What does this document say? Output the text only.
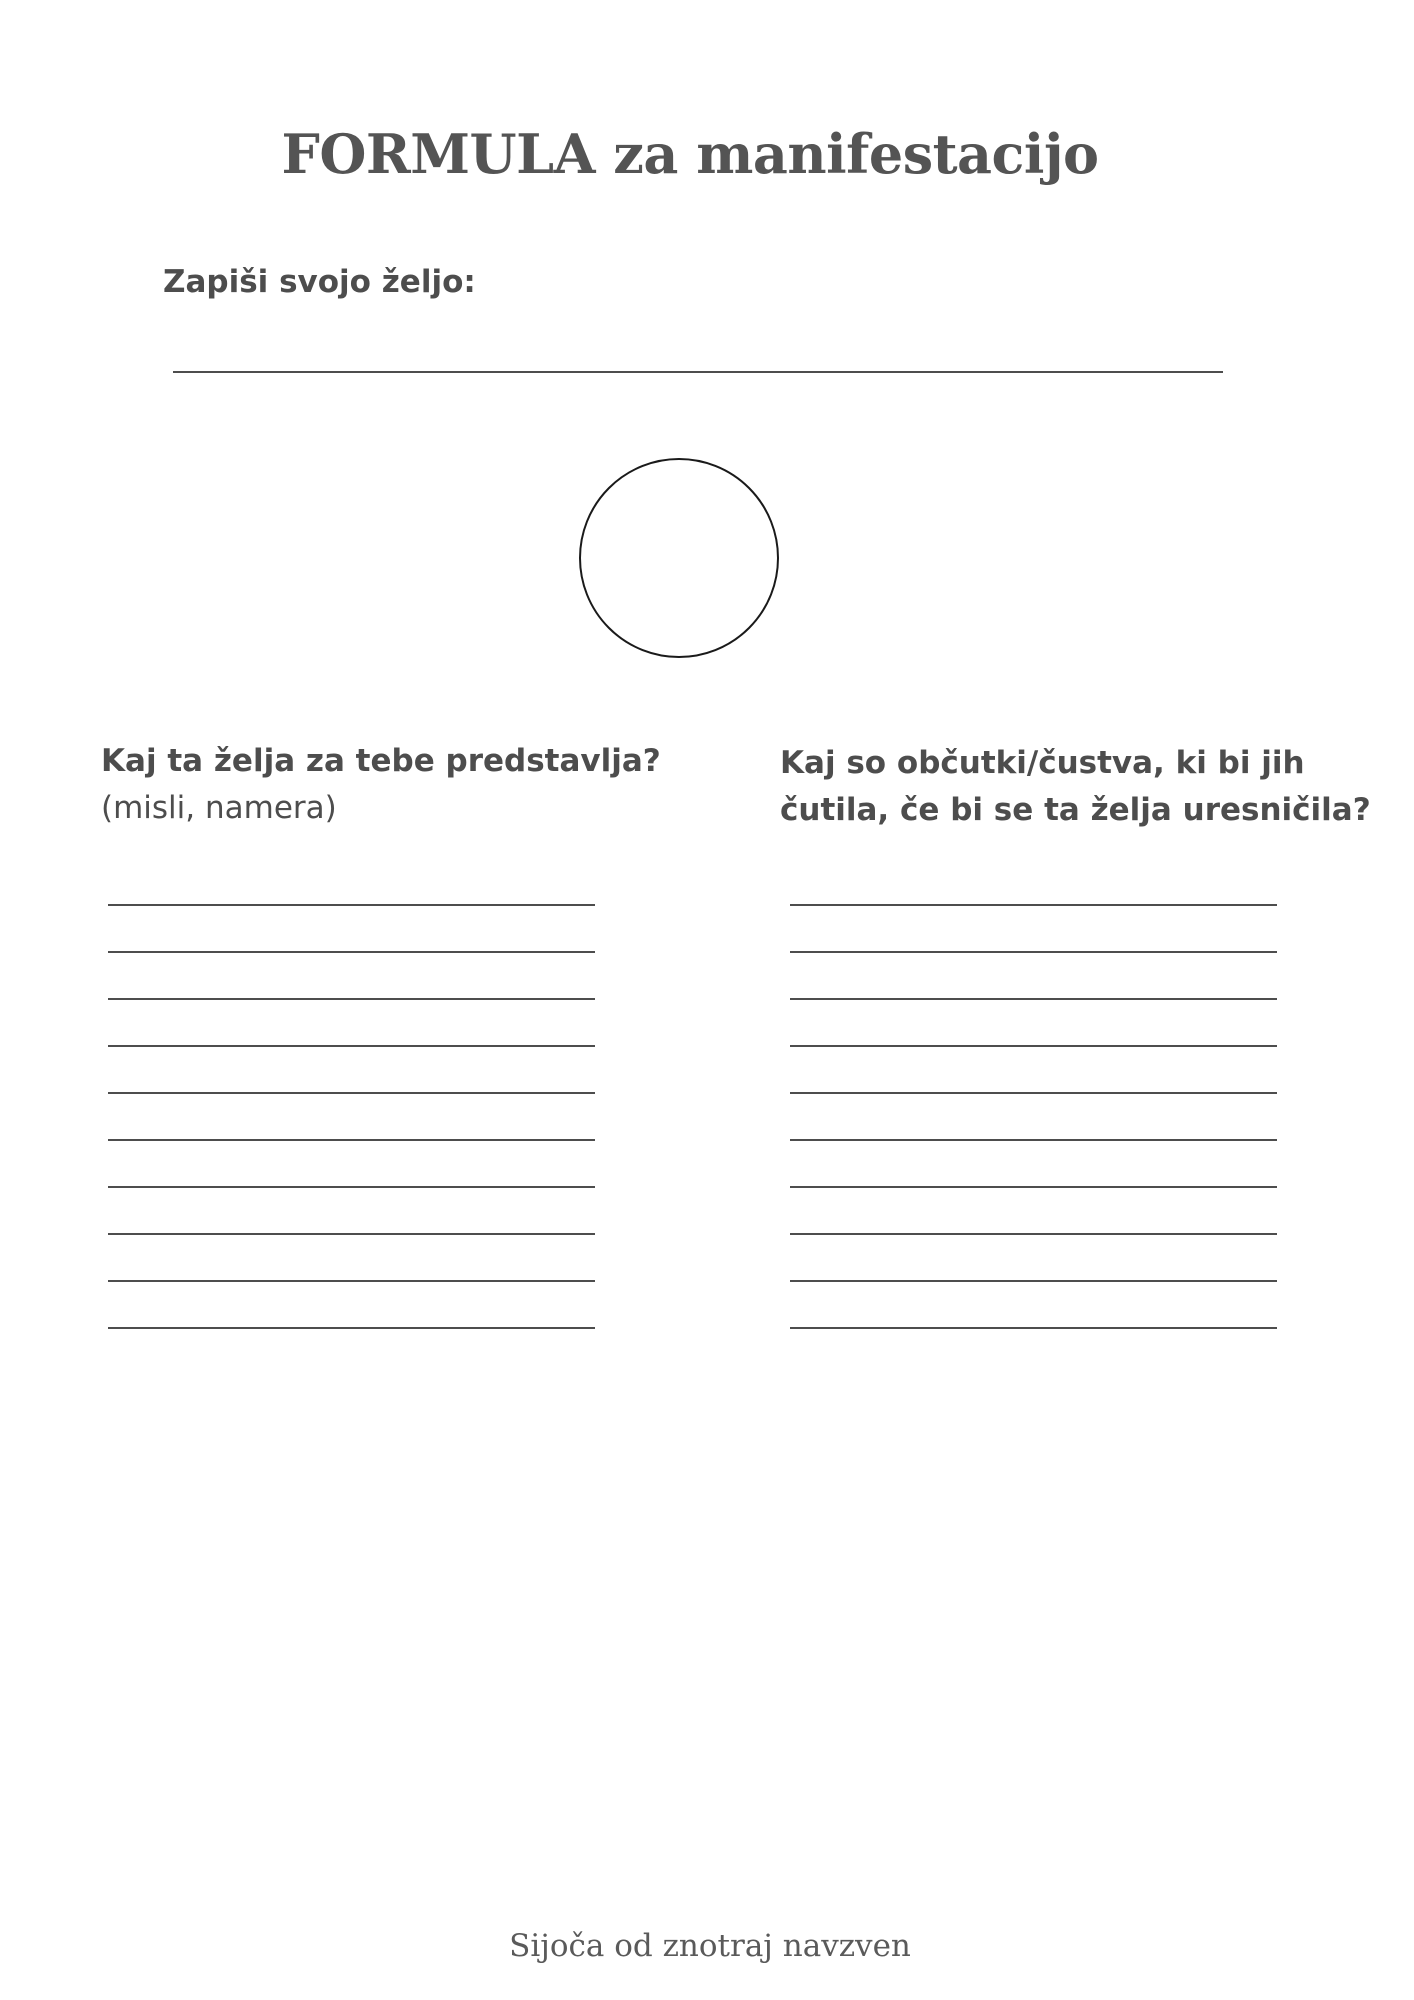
FORMULA za manifestacijo
Zapiši svojo željo:
Kaj ta želja za tebe predstavlja?
(misli, namera)
Kaj so občutki/čustva, ki bi jih
čutila, če bi se ta želja uresničila?
Sijoča od znotraj navzven
